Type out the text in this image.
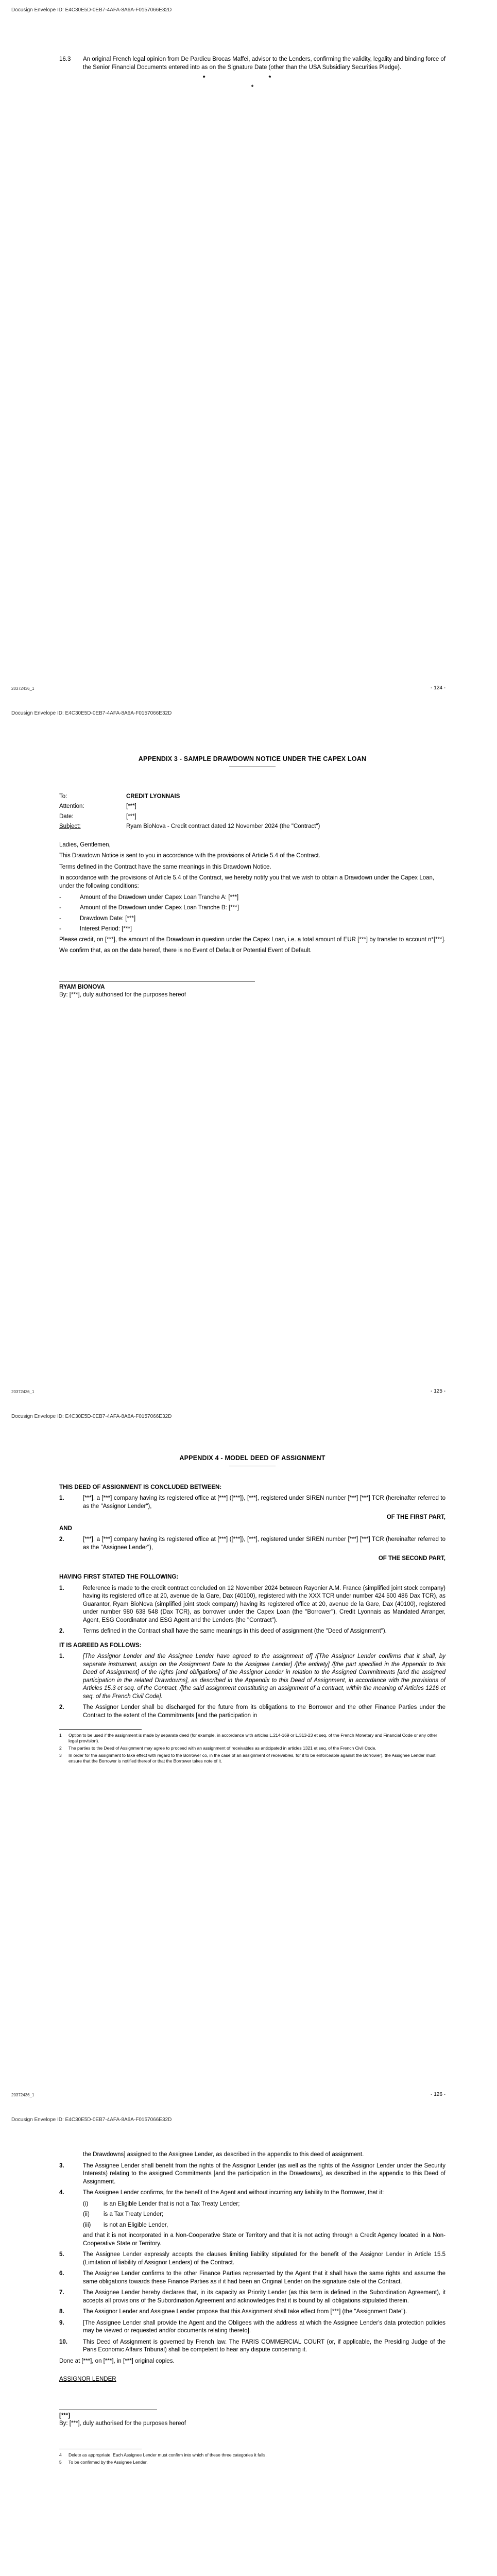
Docusign Envelope ID: E4C30E5D-0EB7-4AFA-8A6A-F0157066E32D
16.3	An original French legal opinion from De Pardieu Brocas Maffei, advisor to the Lenders, confirming the validity, legality and binding force of the Senior Financial Documents entered into as on the Signature Date (other than the USA Subsidiary Securities Pledge).
* *
*
20372436_1	- 124 -
Docusign Envelope ID: E4C30E5D-0EB7-4AFA-8A6A-F0157066E32D
APPENDIX 3 - SAMPLE DRAWDOWN NOTICE UNDER THE CAPEX LOAN
To:	CREDIT LYONNAIS
Attention:	[***]
Date:	[***]
Subject:	Ryam BioNova - Credit contract dated 12 November 2024 (the "Contract")

Ladies, Gentlemen,

This Drawdown Notice is sent to you in accordance with the provisions of Article 5.4 of the Contract.

Terms defined in the Contract have the same meanings in this Drawdown Notice.

In accordance with the provisions of Article 5.4 of the Contract, we hereby notify you that we wish to obtain a Drawdown under the Capex Loan, under the following conditions:

-	Amount of the Drawdown under Capex Loan Tranche A: [***]
-	Amount of the Drawdown under Capex Loan Tranche B: [***]
-	Drawdown Date: [***]
-	Interest Period: [***]

Please credit, on [***], the amount of the Drawdown in question under the Capex Loan, i.e. a total amount of EUR [***] by transfer to account n°[***].

We confirm that, as on the date hereof, there is no Event of Default or Potential Event of Default.

RYAM BIONOVA
By: [***], duly authorised for the purposes hereof
20372436_1	- 125 -
Docusign Envelope ID: E4C30E5D-0EB7-4AFA-8A6A-F0157066E32D
APPENDIX 4 - MODEL DEED OF ASSIGNMENT

THIS DEED OF ASSIGNMENT IS CONCLUDED BETWEEN:

1.	[***], a [***] company having its registered office at [***] ([***]), [***], registered under SIREN number [***] [***] TCR (hereinafter referred to as the "Assignor Lender"),

OF THE FIRST PART,

AND

2.	[***], a [***] company having its registered office at [***] ([***]), [***], registered under SIREN number [***] [***] TCR (hereinafter referred to as the "Assignee Lender"),

OF THE SECOND PART,

HAVING FIRST STATED THE FOLLOWING:

1.	Reference is made to the credit contract concluded on 12 November 2024 between Rayonier A.M. France (simplified joint stock company) having its registered office at 20, avenue de la Gare, Dax (40100), registered with the XXX TCR under number 424 500 486 Dax TCR), as Guarantor, Ryam BioNova (simplified joint stock company) having its registered office at 20, avenue de la Gare, Dax (40100), registered under number 980 638 548 (Dax TCR), as borrower under the Capex Loan (the "Borrower"), Credit Lyonnais as Mandated Arranger, Agent, ESG Coordinator and ESG Agent and the Lenders (the "Contract").
2.	Terms defined in the Contract shall have the same meanings in this deed of assignment (the "Deed of Assignment").

IT IS AGREED AS FOLLOWS:

1.	[The Assignor Lender and the Assignee Lender have agreed to the assignment of] /[The Assignor Lender confirms that it shall, by separate instrument, assign on the Assignment Date to the Assignee Lender] /[the entirety] /[the part specified in the Appendix to this Deed of Assignment] of the rights [and obligations] of the Assignor Lender in relation to the Assigned Commitments [and the assigned participation in the related Drawdowns], as described in the Appendix to this Deed of Assignment, in accordance with the provisions of Articles 15.3 et seq. of the Contract, /[the said assignment constituting an assignment of a contract, within the meaning of Articles 1216 et seq. of the French Civil Code].
2.	The Assignor Lender shall be discharged for the future from its obligations to the Borrower and the other Finance Parties under the Contract to the extent of the Commitments [and the participation in
1	Option to be used if the assignment is made by separate deed (for example, in accordance with articles L.214-169 or L.313-23 et seq. of the French Monetary and Financial Code or any other legal provision).
2	The parties to the Deed of Assignment may agree to proceed with an assignment of receivables as anticipated in articles 1321 et seq. of the French Civil Code.
3	In order for the assignment to take effect with regard to the Borrower co, in the case of an assignment of receivables, for it to be enforceable against the Borrower), the Assignee Lender must ensure that the Borrower is notified thereof or that the Borrower takes note of it.
20372436_1	- 126 -
Docusign Envelope ID: E4C30E5D-0EB7-4AFA-8A6A-F0157066E32D
the Drawdowns] assigned to the Assignee Lender, as described in the appendix to this deed of assignment.
3.	The Assignee Lender shall benefit from the rights of the Assignor Lender (as well as the rights of the Assignor Lender under the Security Interests) relating to the assigned Commitments [and the participation in the Drawdowns], as described in the appendix to this Deed of Assignment.
4.	The Assignee Lender confirms, for the benefit of the Agent and without incurring any liability to the Borrower, that it:
(i)	is an Eligible Lender that is not a Tax Treaty Lender;
(ii)	is a Tax Treaty Lender;
(iii)	is not an Eligible Lender,
and that it is not incorporated in a Non-Cooperative State or Territory and that it is not acting through a Credit Agency located in a Non-Cooperative State or Territory.
5.	The Assignee Lender expressly accepts the clauses limiting liability stipulated for the benefit of the Assignor Lender in Article 15.5 (Limitation of liability of Assignor Lenders) of the Contract.
6.	The Assignee Lender confirms to the other Finance Parties represented by the Agent that it shall have the same rights and assume the same obligations towards these Finance Parties as if it had been an Original Lender on the signature date of the Contract.
7.	The Assignee Lender hereby declares that, in its capacity as Priority Lender (as this term is defined in the Subordination Agreement), it accepts all provisions of the Subordination Agreement and acknowledges that it is bound by all obligations stipulated therein.
8.	The Assignor Lender and Assignee Lender propose that this Assignment shall take effect from [***] (the "Assignment Date").
9.	[The Assignee Lender shall provide the Agent and the Obligees with the address at which the Assignee Lender's data protection policies may be viewed or requested and/or documents relating thereto].
10.	This Deed of Assignment is governed by French law. The PARIS COMMERCIAL COURT (or, if applicable, the Presiding Judge of the Paris Economic Affairs Tribunal) shall be competent to hear any dispute concerning it.

Done at [***], on [***], in [***] original copies.

ASSIGNOR LENDER

[***]
By: [***], duly authorised for the purposes hereof
4	Delete as appropriate. Each Assignee Lender must confirm into which of these three categories it falls.
5	To be confirmed by the Assignee Lender.
